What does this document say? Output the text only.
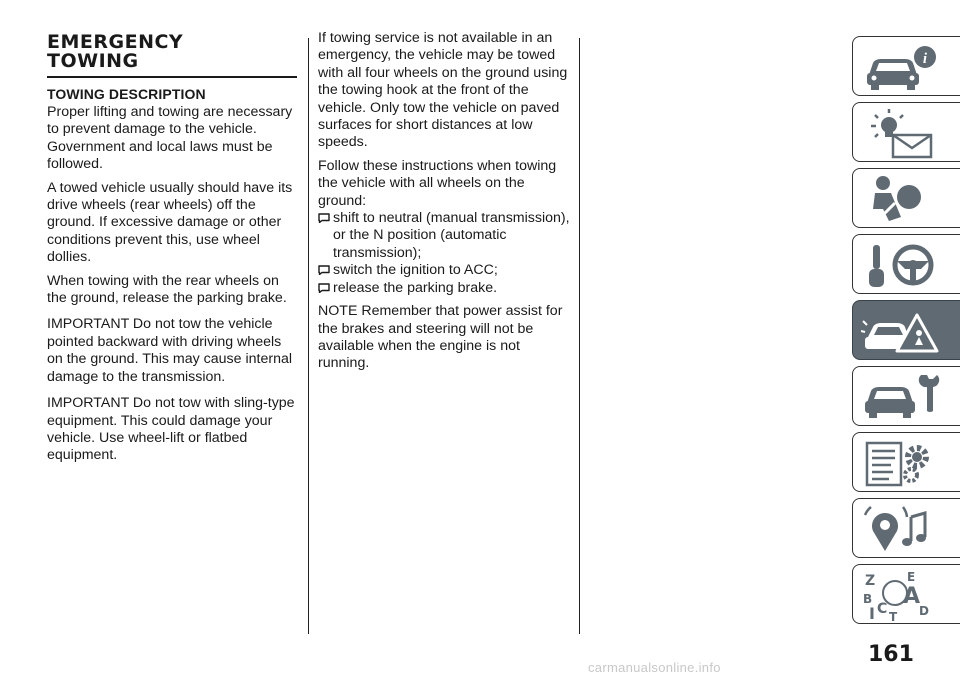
EMERGENCY
TOWING
TOWING DESCRIPTION

Proper lifting and towing are necessary to prevent damage to the vehicle. Government and local laws must be followed.

A towed vehicle usually should have its drive wheels (rear wheels) off the ground. If excessive damage or other conditions prevent this, use wheel dollies.

When towing with the rear wheels on the ground, release the parking brake.

IMPORTANT Do not tow the vehicle pointed backward with driving wheels on the ground. This may cause internal damage to the transmission.

IMPORTANT Do not tow with sling-type equipment. This could damage your vehicle. Use wheel-lift or flatbed equipment.

If towing service is not available in an emergency, the vehicle may be towed with all four wheels on the ground using the towing hook at the front of the vehicle. Only tow the vehicle on paved surfaces for short distances at low speeds.

Follow these instructions when towing the vehicle with all wheels on the ground:

shift to neutral (manual transmission), or the N position (automatic transmission);
switch the ignition to ACC;
release the parking brake.

NOTE Remember that power assist for the brakes and steering will not be available when the engine is not running.

i
Z	E
B A
C	D
T
I
161
carmanualsonline.info
